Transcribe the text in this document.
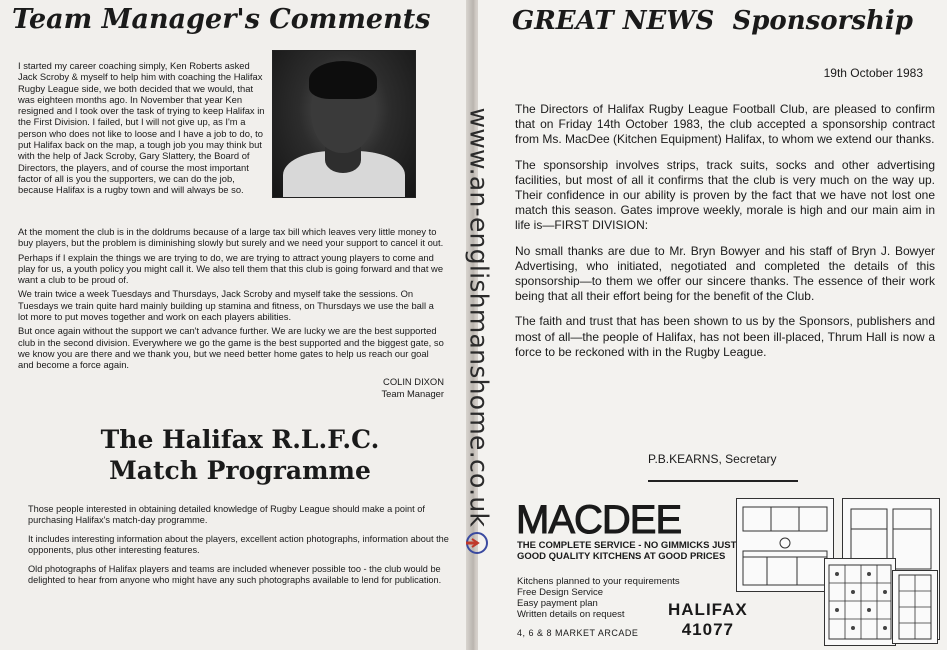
Team Manager's Comments

I started my career coaching simply, Ken Roberts asked Jack Scroby & myself to help him with coaching the Halifax Rugby League side, we both decided that we would, that was eighteen months ago. In November that year Ken resigned and I took over the task of trying to keep Halifax in the First Division. I failed, but I will not give up, as I'm a person who does not like to loose and I have a job to do, to put Halifax back on the map, a tough job you may think but with the help of Jack Scroby, Gary Slattery, the Board of Directors, the players, and of course the most important factor of all is you the supporters, we can do the job, because Halifax is a rugby town and will always be so.

At the moment the club is in the doldrums because of a large tax bill which leaves very little money to buy players, but the problem is diminishing slowly but surely and we need your support to cancel it out.

Perhaps if I explain the things we are trying to do, we are trying to attract young players to come and play for us, a youth policy you might call it. We also tell them that this club is going forward and that we want a club to be proud of.

We train twice a week Tuesdays and Thursdays, Jack Scroby and myself take the sessions. On Tuesdays we train quite hard mainly building up stamina and fitness, on Thursdays we use the ball a lot more to put moves together and work on each players abilities.

But once again without the support we can't advance further. We are lucky we are the best supported club in the second division. Everywhere we go the game is the best supported and the biggest gate, so we know you are there and we thank you, but we need better home gates to help us reach our goal and become a force again.

COLIN DIXON
Team Manager
The Halifax R.L.F.C.
Match Programme

Those people interested in obtaining detailed knowledge of Rugby League should make a point of purchasing Halifax's match-day programme.

It includes interesting information about the players, excellent action photographs, information about the opponents, plus other interesting features.

Old photographs of Halifax players and teams are included whenever possible too - the club would be delighted to hear from anyone who might have any such photographs available to lend for publication.

GREAT NEWS  Sponsorship
19th October 1983

The Directors of Halifax Rugby League Football Club, are pleased to confirm that on Friday 14th October 1983, the club accepted a sponsorship contract from Ms. MacDee (Kitchen Equipment) Halifax, to whom we extend our thanks.

The sponsorship involves strips, track suits, socks and other advertising facilities, but most of all it confirms that the club is very much on the way up. Their confidence in our ability is proven by the fact that we have not lost one match this season. Gates improve weekly, morale is high and our main aim in life is—FIRST DIVISION:

No small thanks are due to Mr. Bryn Bowyer and his staff of Bryn J. Bowyer Advertising, who initiated, negotiated and completed the details of this sponsorship—to them we offer our sincere thanks. The essence of their work being that all their effort being for the benefit of the Club.

The faith and trust that has been shown to us by the Sponsors, publishers and most of all—the people of Halifax, has not been ill-placed, Thrum Hall is now a force to be reckoned with in the Rugby League.

P.B.KEARNS, Secretary
MACDEE
THE COMPLETE SERVICE - NO GIMMICKS JUST GOOD QUALITY KITCHENS AT GOOD PRICES
Kitchens planned to your requirements
Free Design Service
Easy payment plan
Written details on request	HALIFAX
41077
4, 6 & 8 MARKET ARCADE
www.an-englishmanshome.co.uk
